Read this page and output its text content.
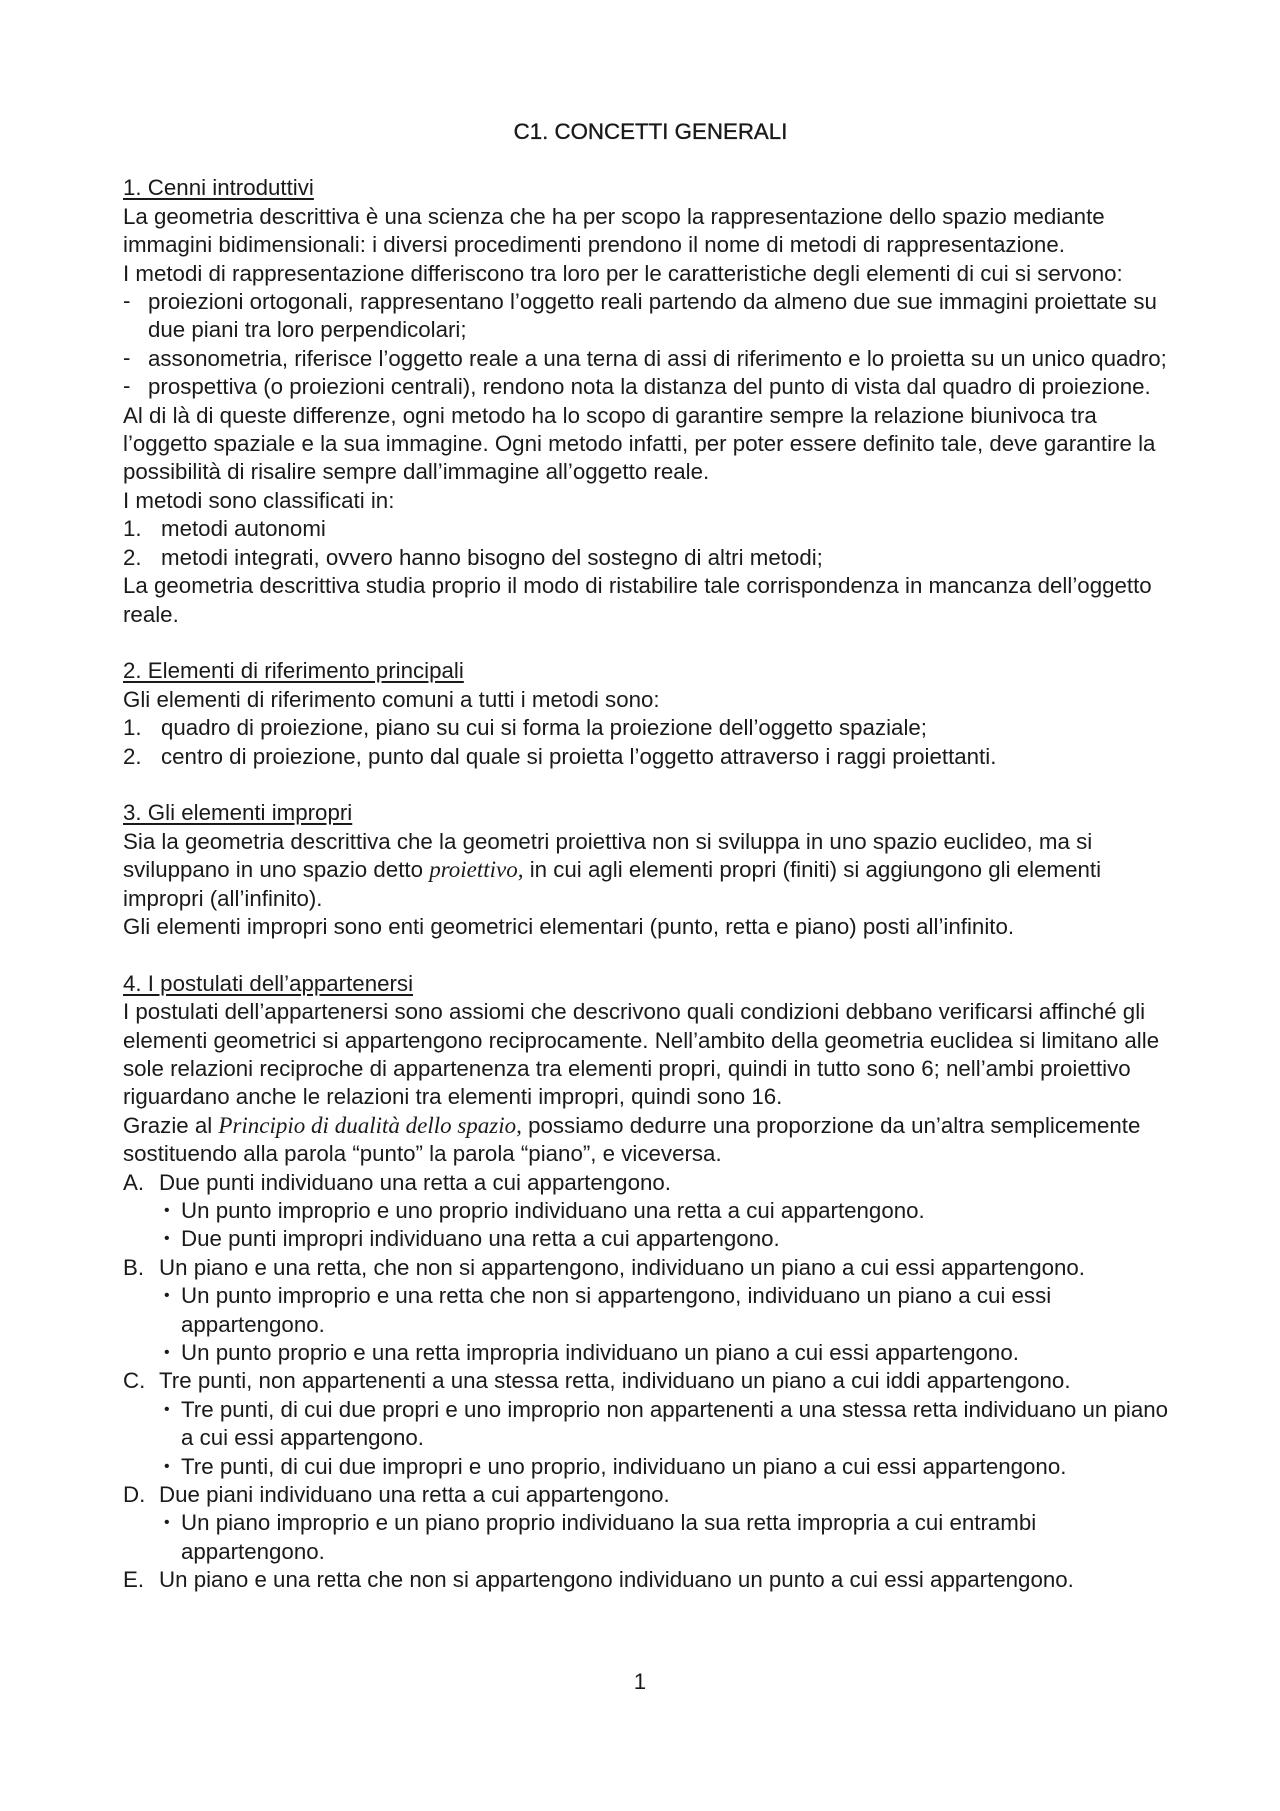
C1. CONCETTI GENERALI
1. Cenni introduttivi

La geometria descrittiva è una scienza che ha per scopo la rappresentazione dello spazio mediante immagini bidimensionali: i diversi procedimenti prendono il nome di metodi di rappresentazione.

I metodi di rappresentazione differiscono tra loro per le caratteristiche degli elementi di cui si servono:

- proiezioni ortogonali, rappresentano l’oggetto reali partendo da almeno due sue immagini proiettate su due piani tra loro perpendicolari;
- assonometria, riferisce l’oggetto reale a una terna di assi di riferimento e lo proietta su un unico quadro;
- prospettiva (o proiezioni centrali), rendono nota la distanza del punto di vista dal quadro di proiezione.

Al di là di queste differenze, ogni metodo ha lo scopo di garantire sempre la relazione biunivoca tra l’oggetto spaziale e la sua immagine. Ogni metodo infatti, per poter essere definito tale, deve garantire la possibilità di risalire sempre dall’immagine all’oggetto reale.

I metodi sono classificati in:

1. metodi autonomi
2. metodi integrati, ovvero hanno bisogno del sostegno di altri metodi;

La geometria descrittiva studia proprio il modo di ristabilire tale corrispondenza in mancanza dell’oggetto reale.

2. Elementi di riferimento principali

Gli elementi di riferimento comuni a tutti i metodi sono:

1. quadro di proiezione, piano su cui si forma la proiezione dell’oggetto spaziale;
2. centro di proiezione, punto dal quale si proietta l’oggetto attraverso i raggi proiettanti.
3. Gli elementi impropri

Sia la geometria descrittiva che la geometri proiettiva non si sviluppa in uno spazio euclideo, ma si sviluppano in uno spazio detto proiettivo, in cui agli elementi propri (finiti) si aggiungono gli elementi impropri (all’infinito).

Gli elementi impropri sono enti geometrici elementari (punto, retta e piano) posti all’infinito.

4. I postulati dell’appartenersi

I postulati dell’appartenersi sono assiomi che descrivono quali condizioni debbano verificarsi affinché gli elementi geometrici si appartengono reciprocamente. Nell’ambito della geometria euclidea si limitano alle sole relazioni reciproche di appartenenza tra elementi propri, quindi in tutto sono 6; nell’ambi proiettivo riguardano anche le relazioni tra elementi impropri, quindi sono 16.

Grazie al Principio di dualità dello spazio, possiamo dedurre una proporzione da un’altra semplicemente sostituendo alla parola “punto” la parola “piano”, e viceversa.

A. Due punti individuano una retta a cui appartengono.
• Un punto improprio e uno proprio individuano una retta a cui appartengono.
• Due punti impropri individuano una retta a cui appartengono.
B. Un piano e una retta, che non si appartengono, individuano un piano a cui essi appartengono.
• Un punto improprio e una retta che non si appartengono, individuano un piano a cui essi appartengono.
• Un punto proprio e una retta impropria individuano un piano a cui essi appartengono.
C. Tre punti, non appartenenti a una stessa retta, individuano un piano a cui iddi appartengono.
• Tre punti, di cui due propri e uno improprio non appartenenti a una stessa retta individuano un piano a cui essi appartengono.
• Tre punti, di cui due impropri e uno proprio, individuano un piano a cui essi appartengono.
D. Due piani individuano una retta a cui appartengono.
• Un piano improprio e un piano proprio individuano la sua retta impropria a cui entrambi appartengono.
E. Un piano e una retta che non si appartengono individuano un punto a cui essi appartengono.
1
